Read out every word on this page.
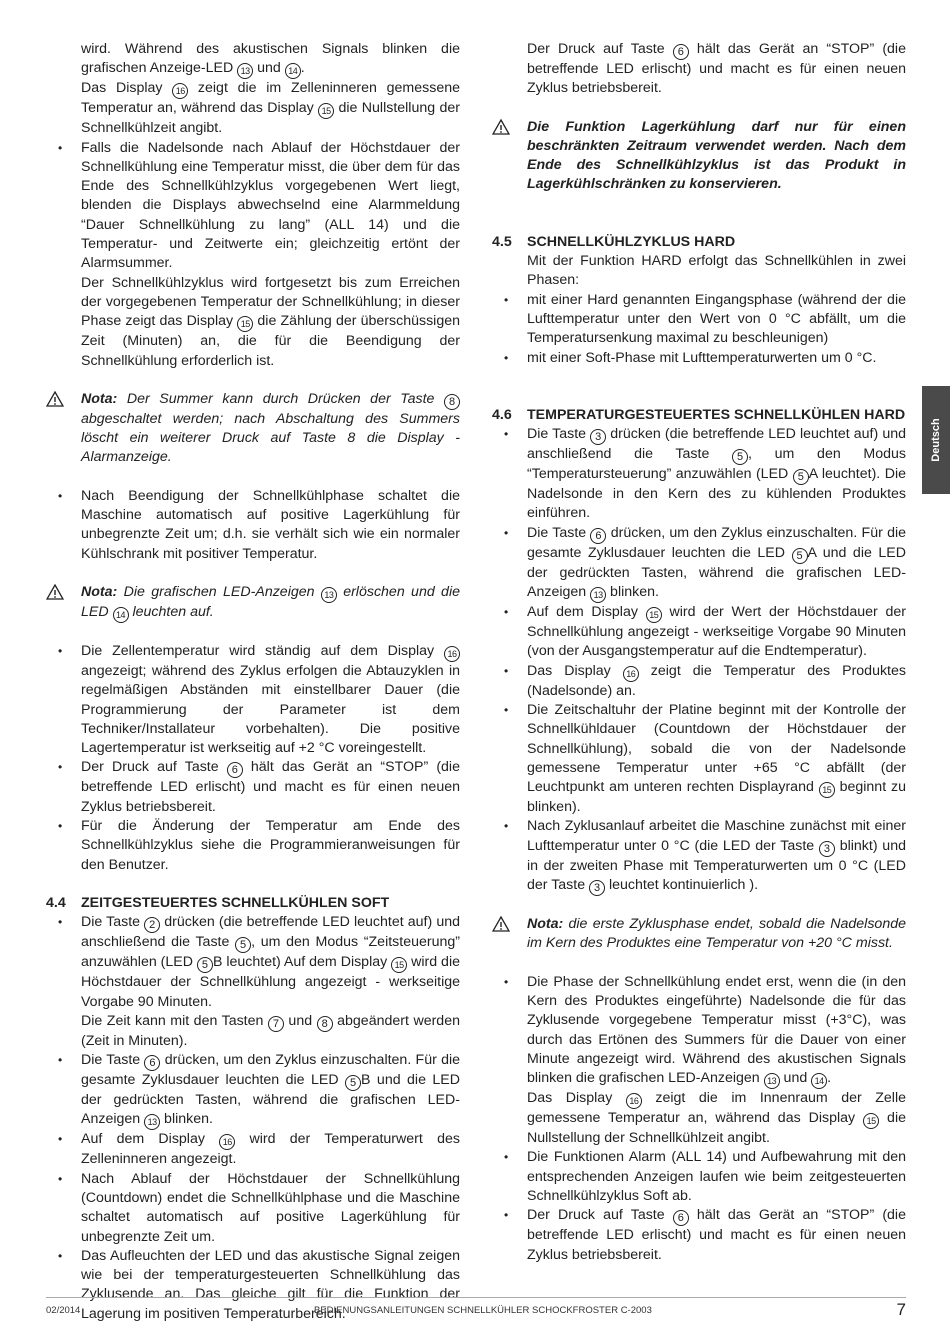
wird. Während des akustischen Signals blinken die grafischen Anzeige-LED 13 und 14 .

Das Display 16 zeigt die im Zelleninneren gemessene Temperatur an, während das Display 15 die Nullstellung der Schnellkühlzeit angibt.

• Falls die Nadelsonde nach Ablauf der Höchstdauer der Schnellkühlung eine Temperatur misst, die über dem für das Ende des Schnellkühlzyklus vorgegebenen Wert liegt, blenden die Displays abwechselnd eine Alarmmeldung “Dauer Schnellkühlung zu lang” (ALL 14) und die Temperatur- und Zeitwerte ein; gleichzeitig ertönt der Alarmsummer.

Der Schnellkühlzyklus wird fortgesetzt bis zum Erreichen der vorgegebenen Temperatur der Schnellkühlung; in dieser Phase zeigt das Display 15 die Zählung der überschüssigen Zeit (Minuten) an, die für die Beendigung der Schnellkühlung erforderlich ist.

Nota: Der Summer kann durch Drücken der Taste 8 abgeschaltet werden; nach Abschaltung des Summers löscht ein weiterer Druck auf Taste 8 die Display -Alarmanzeige.

• Nach Beendigung der Schnellkühlphase schaltet die Maschine automatisch auf positive Lagerkühlung für unbegrenzte Zeit um; d.h. sie verhält sich wie ein normaler Kühlschrank mit positiver Temperatur.

Nota: Die grafischen LED-Anzeigen 13 erlöschen und die LED 14 leuchten auf.

• Die Zellentemperatur wird ständig auf dem Display 16 angezeigt; während des Zyklus erfolgen die Abtauzyklen in regelmäßigen Abständen mit einstellbarer Dauer (die Programmierung der Parameter ist dem Techniker/Installateur vorbehalten). Die positive Lagertemperatur ist werkseitig auf +2 °C voreingestellt.

• Der Druck auf Taste 6 hält das Gerät an “STOP” (die betreffende LED erlischt) und macht es für einen neuen Zyklus betriebsbereit.

• Für die Änderung der Temperatur am Ende des Schnellkühlzyklus siehe die Programmieranweisungen für den Benutzer.

4.4 ZEITGESTEUERTES SCHNELLKÜHLEN SOFT

• Die Taste 2 drücken (die betreffende LED leuchtet auf) und anschließend die Taste 5 , um den Modus “Zeitsteuerung” anzuwählen (LED 5 B leuchtet) Auf dem Display 15 wird die Höchstdauer der Schnellkühlung angezeigt - werkseitige Vorgabe 90 Minuten.

Die Zeit kann mit den Tasten 7 und 8 abgeändert werden (Zeit in Minuten).

• Die Taste 6 drücken, um den Zyklus einzuschalten. Für die gesamte Zyklusdauer leuchten die LED 5 B und die LED der gedrückten Tasten, während die grafischen LED-Anzeigen 13 blinken.

• Auf dem Display 16 wird der Temperaturwert des Zelleninneren angezeigt.

• Nach Ablauf der Höchstdauer der Schnellkühlung (Countdown) endet die Schnellkühlphase und die Maschine schaltet automatisch auf positive Lagerkühlung für unbegrenzte Zeit um.

• Das Aufleuchten der LED und das akustische Signal zeigen wie bei der temperaturgesteuerten Schnellkühlung das Zyklusende an. Das gleiche gilt für die Funktion der Lagerung im positiven Temperaturbereich.

Der Druck auf Taste 6 hält das Gerät an “STOP” (die betreffende LED erlischt) und macht es für einen neuen Zyklus betriebsbereit.

Die Funktion Lagerkühlung darf nur für einen beschränkten Zeitraum verwendet werden. Nach dem Ende des Schnellkühlzyklus ist das Produkt in Lagerkühlschränken zu konservieren.
4.5 SCHNELLKÜHLZYKLUS HARD

Mit der Funktion HARD erfolgt das Schnellkühlen in zwei Phasen:

• mit einer Hard genannten Eingangsphase (während der die Lufttemperatur unter den Wert von 0 °C abfällt, um die Temperatursenkung maximal zu beschleunigen)

• mit einer Soft-Phase mit Lufttemperaturwerten um 0 °C.

4.6 TEMPERATURGESTEUERTES SCHNELLKÜHLEN HARD

• Die Taste 3 drücken (die betreffende LED leuchtet auf) und anschließend die Taste 5 , um den Modus “Temperatursteuerung” anzuwählen (LED 5 A leuchtet). Die Nadelsonde in den Kern des zu kühlenden Produktes einführen.

• Die Taste 6 drücken, um den Zyklus einzuschalten. Für die gesamte Zyklusdauer leuchten die LED 5 A und die LED der gedrückten Tasten, während die grafischen LED-Anzeigen 13 blinken.

• Auf dem Display 15 wird der Wert der Höchstdauer der Schnellkühlung angezeigt - werkseitige Vorgabe 90 Minuten (von der Ausgangstemperatur auf die Endtemperatur).

• Das Display 16 zeigt die Temperatur des Produktes (Nadelsonde) an.

• Die Zeitschaltuhr der Platine beginnt mit der Kontrolle der Schnellkühldauer (Countdown der Höchstdauer der Schnellkühlung), sobald die von der Nadelsonde gemessene Temperatur unter +65 °C abfällt (der Leuchtpunkt am unteren rechten Displayrand 15 beginnt zu blinken).

• Nach Zyklusanlauf arbeitet die Maschine zunächst mit einer Lufttemperatur unter 0 °C (die LED der Taste 3 blinkt) und in der zweiten Phase mit Temperaturwerten um 0 °C (LED der Taste 3 leuchtet kontinuierlich ).

Nota: die erste Zyklusphase endet, sobald die Nadelsonde im Kern des Produktes eine Temperatur von +20 °C misst.

• Die Phase der Schnellkühlung endet erst, wenn die (in den Kern des Produktes eingeführte) Nadelsonde die für das Zyklusende vorgegebene Temperatur misst (+3°C), was durch das Ertönen des Summers für die Dauer von einer Minute angezeigt wird. Während des akustischen Signals blinken die grafischen LED-Anzeigen 13 und 14 .

Das Display 16 zeigt die im Innenraum der Zelle gemessene Temperatur an, während das Display 15 die Nullstellung der Schnellkühlzeit angibt.

• Die Funktionen Alarm (ALL 14) und Aufbewahrung mit den entsprechenden Anzeigen laufen wie beim zeitgesteuerten Schnellkühlzyklus Soft ab.

• Der Druck auf Taste 6 hält das Gerät an “STOP” (die betreffende LED erlischt) und macht es für einen neuen Zyklus betriebsbereit.

Deutsch
02/2014	BEDIENUNGSANLEITUNGEN SCHNELLKÜHLER SCHOCKFROSTER C-2003	7
